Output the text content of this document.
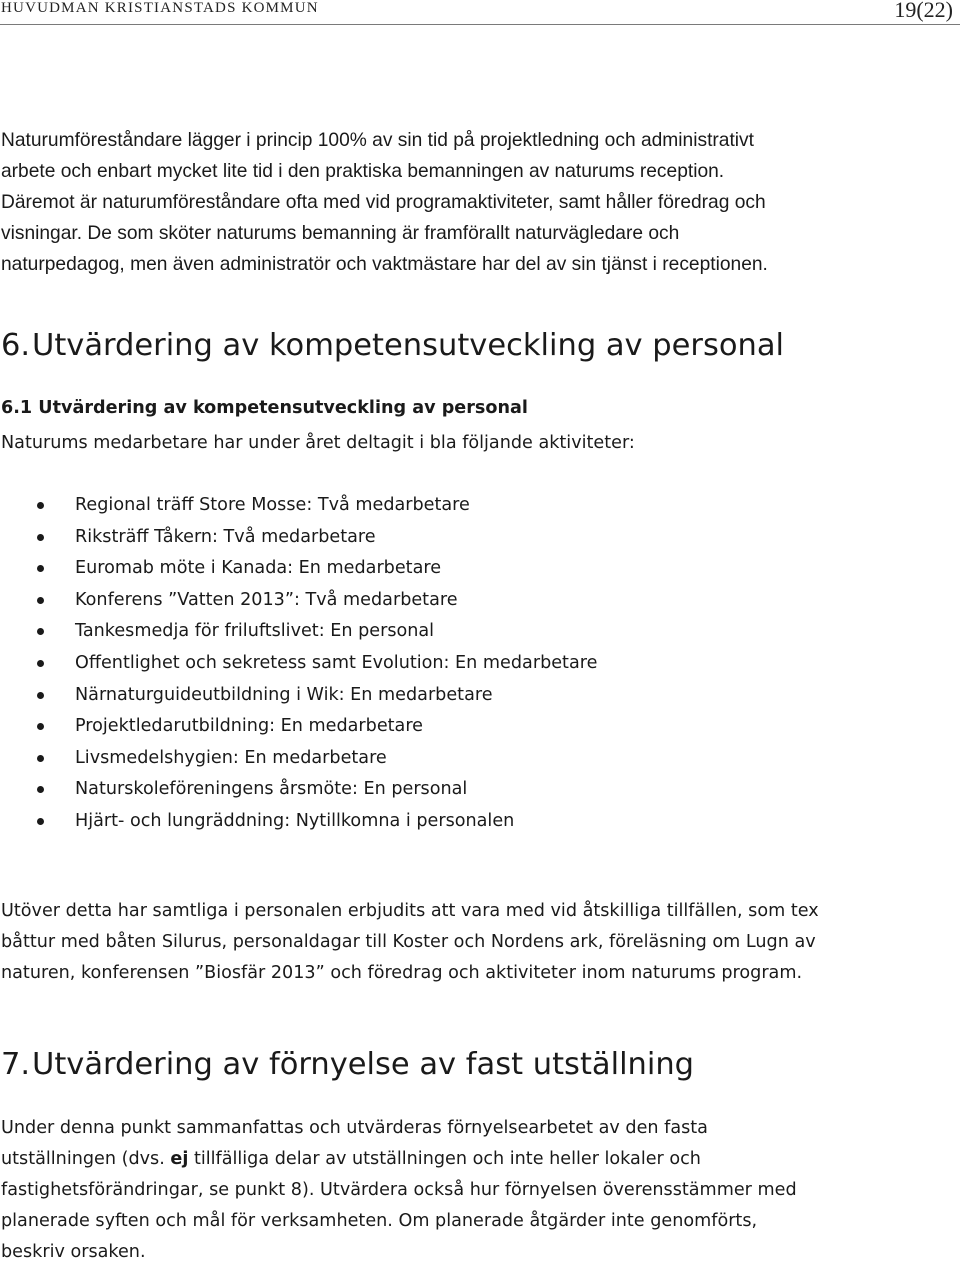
HUVUDMAN KRISTIANSTADS KOMMUN	19(22)
Naturumföreståndare lägger i princip 100% av sin tid på projektledning och administrativt
arbete och enbart mycket lite tid i den praktiska bemanningen av naturums reception.
Däremot är naturumföreståndare ofta med vid programaktiviteter, samt håller föredrag och
visningar. De som sköter naturums bemanning är framförallt naturvägledare och
naturpedagog, men även administratör och vaktmästare har del av sin tjänst i receptionen.
6.Utvärdering av kompetensutveckling av personal
6.1 Utvärdering av kompetensutveckling av personal
Naturums medarbetare har under året deltagit i bla följande aktiviteter:
Regional träff Store Mosse: Två medarbetare
Riksträff Tåkern: Två medarbetare
Euromab möte i Kanada: En medarbetare
Konferens ”Vatten 2013”: Två medarbetare
Tankesmedja för friluftslivet: En personal
Offentlighet och sekretess samt Evolution: En medarbetare
Närnaturguideutbildning i Wik: En medarbetare
Projektledarutbildning: En medarbetare
Livsmedelshygien: En medarbetare
Naturskoleföreningens årsmöte: En personal
Hjärt- och lungräddning: Nytillkomna i personalen
Utöver detta har samtliga i personalen erbjudits att vara med vid åtskilliga tillfällen, som tex
båttur med båten Silurus, personaldagar till Koster och Nordens ark, föreläsning om Lugn av
naturen, konferensen ”Biosfär 2013” och föredrag och aktiviteter inom naturums program.
7.Utvärdering av förnyelse av fast utställning
Under denna punkt sammanfattas och utvärderas förnyelsearbetet av den fasta
utställningen (dvs. ej tillfälliga delar av utställningen och inte heller lokaler och
fastighetsförändringar, se punkt 8). Utvärdera också hur förnyelsen överensstämmer med
planerade syften och mål för verksamheten. Om planerade åtgärder inte genomförts,
beskriv orsaken.
